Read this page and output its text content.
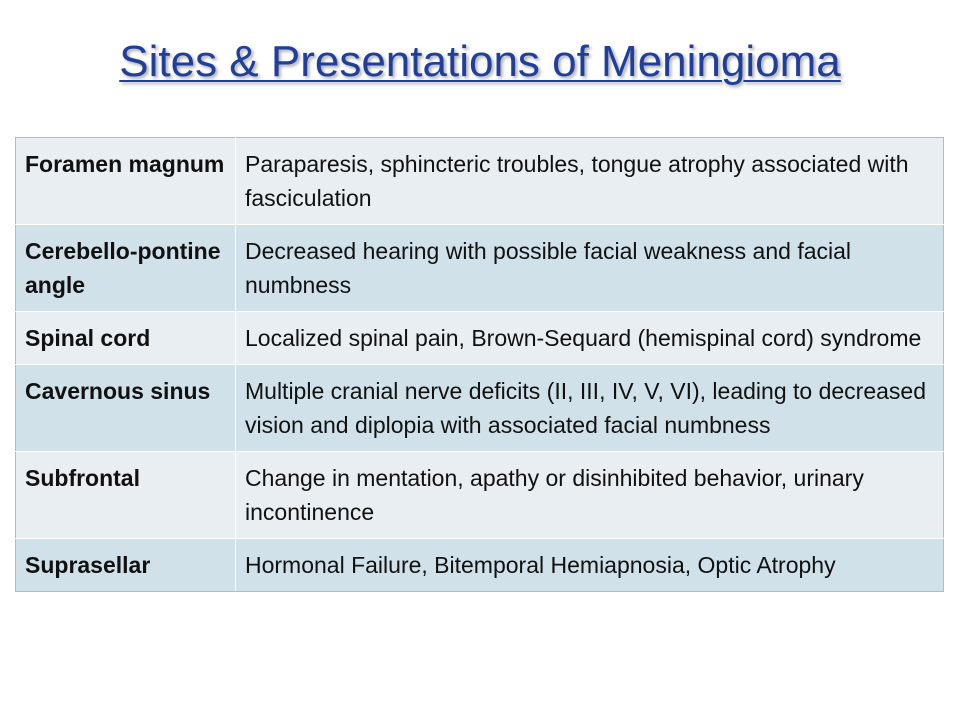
Sites & Presentations of Meningioma
Foramen magnum	Paraparesis, sphincteric troubles, tongue atrophy associated with fasciculation
Cerebello-pontine angle	Decreased hearing with possible facial weakness and facial numbness
Spinal cord	Localized spinal pain, Brown-Sequard (hemispinal cord) syndrome
Cavernous sinus	Multiple cranial nerve deficits (II, III, IV, V, VI), leading to decreased vision and diplopia with associated facial numbness
Subfrontal	Change in mentation, apathy or disinhibited behavior, urinary incontinence
Suprasellar	Hormonal Failure, Bitemporal Hemiapnosia, Optic Atrophy
